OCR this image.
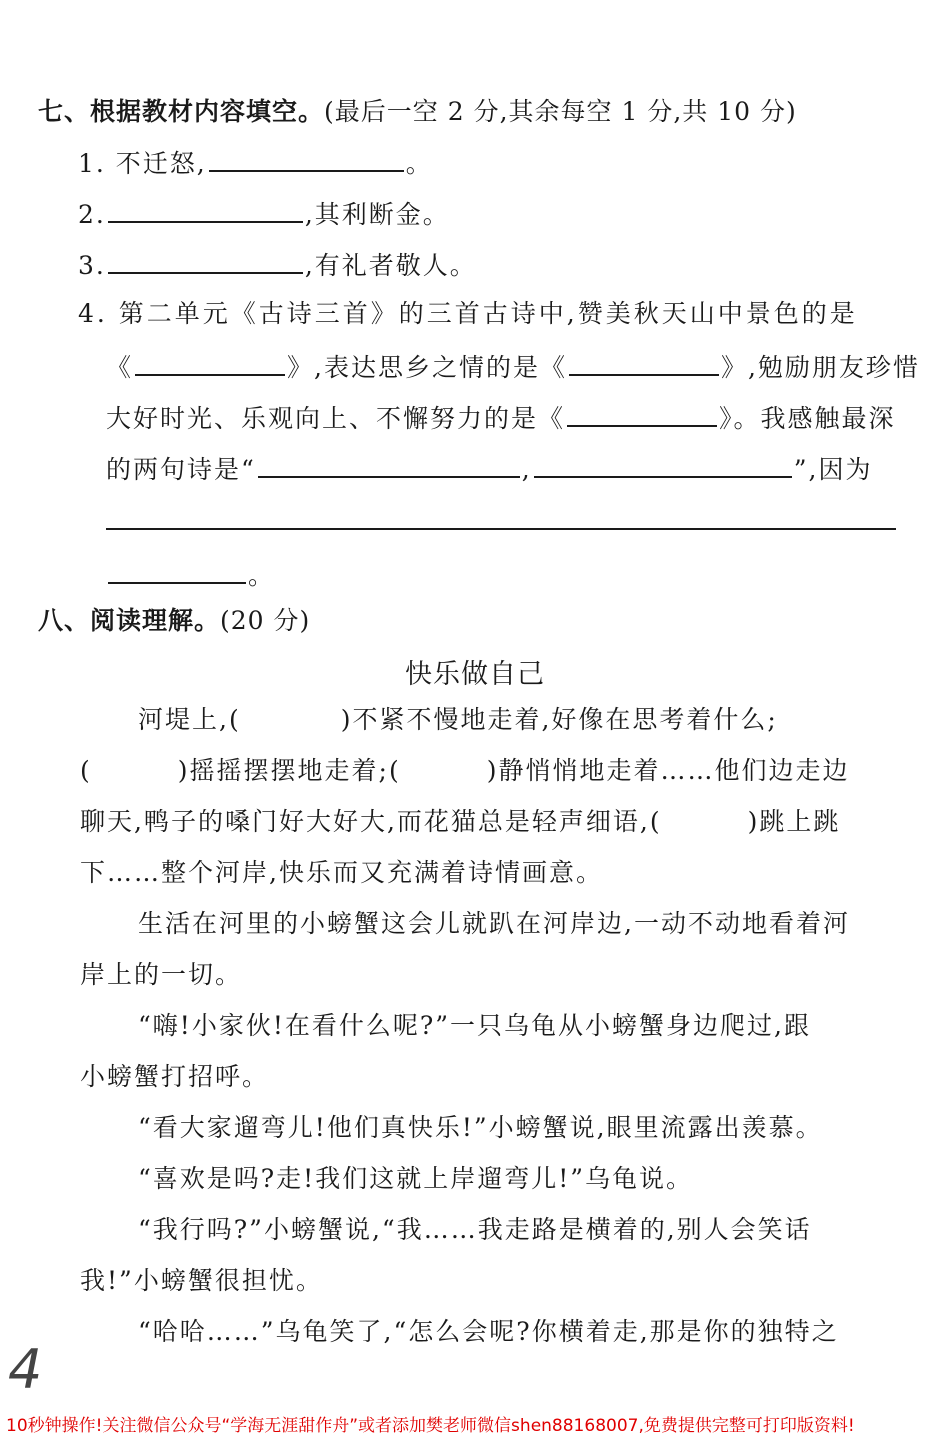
七、根据教材内容填空。(最后一空 2 分,其余每空 1 分,共 10 分)
1. 不迁怒,	。
2.	,其利断金。
3.	,有礼者敬人。
4. 第二单元《古诗三首》的三首古诗中,赞美秋天山中景色的是
《	》,表达思乡之情的是《	》,勉励朋友珍惜
大好时光、乐观向上、不懈努力的是《	》。我感触最深
的两句诗是“	,	”,因为
。
八、阅读理解。(20 分)
快乐做自己
河堤上,(	)不紧不慢地走着,好像在思考着什么;
(	)摇摇摆摆地走着;(	)静悄悄地走着……他们边走边
聊天,鸭子的嗓门好大好大,而花猫总是轻声细语,(	)跳上跳
下……整个河岸,快乐而又充满着诗情画意。
生活在河里的小螃蟹这会儿就趴在河岸边,一动不动地看着河
岸上的一切。
“嗨!小家伙!在看什么呢?”一只乌龟从小螃蟹身边爬过,跟
小螃蟹打招呼。
“看大家遛弯儿!他们真快乐!”小螃蟹说,眼里流露出羡慕。
“喜欢是吗?走!我们这就上岸遛弯儿!”乌龟说。
“我行吗?”小螃蟹说,“我……我走路是横着的,别人会笑话
我!”小螃蟹很担忧。
“哈哈……”乌龟笑了,“怎么会呢?你横着走,那是你的独特之
4
10秒钟操作!关注微信公众号“学海无涯甜作舟”或者添加樊老师微信shen88168007,免费提供完整可打印版资料!
